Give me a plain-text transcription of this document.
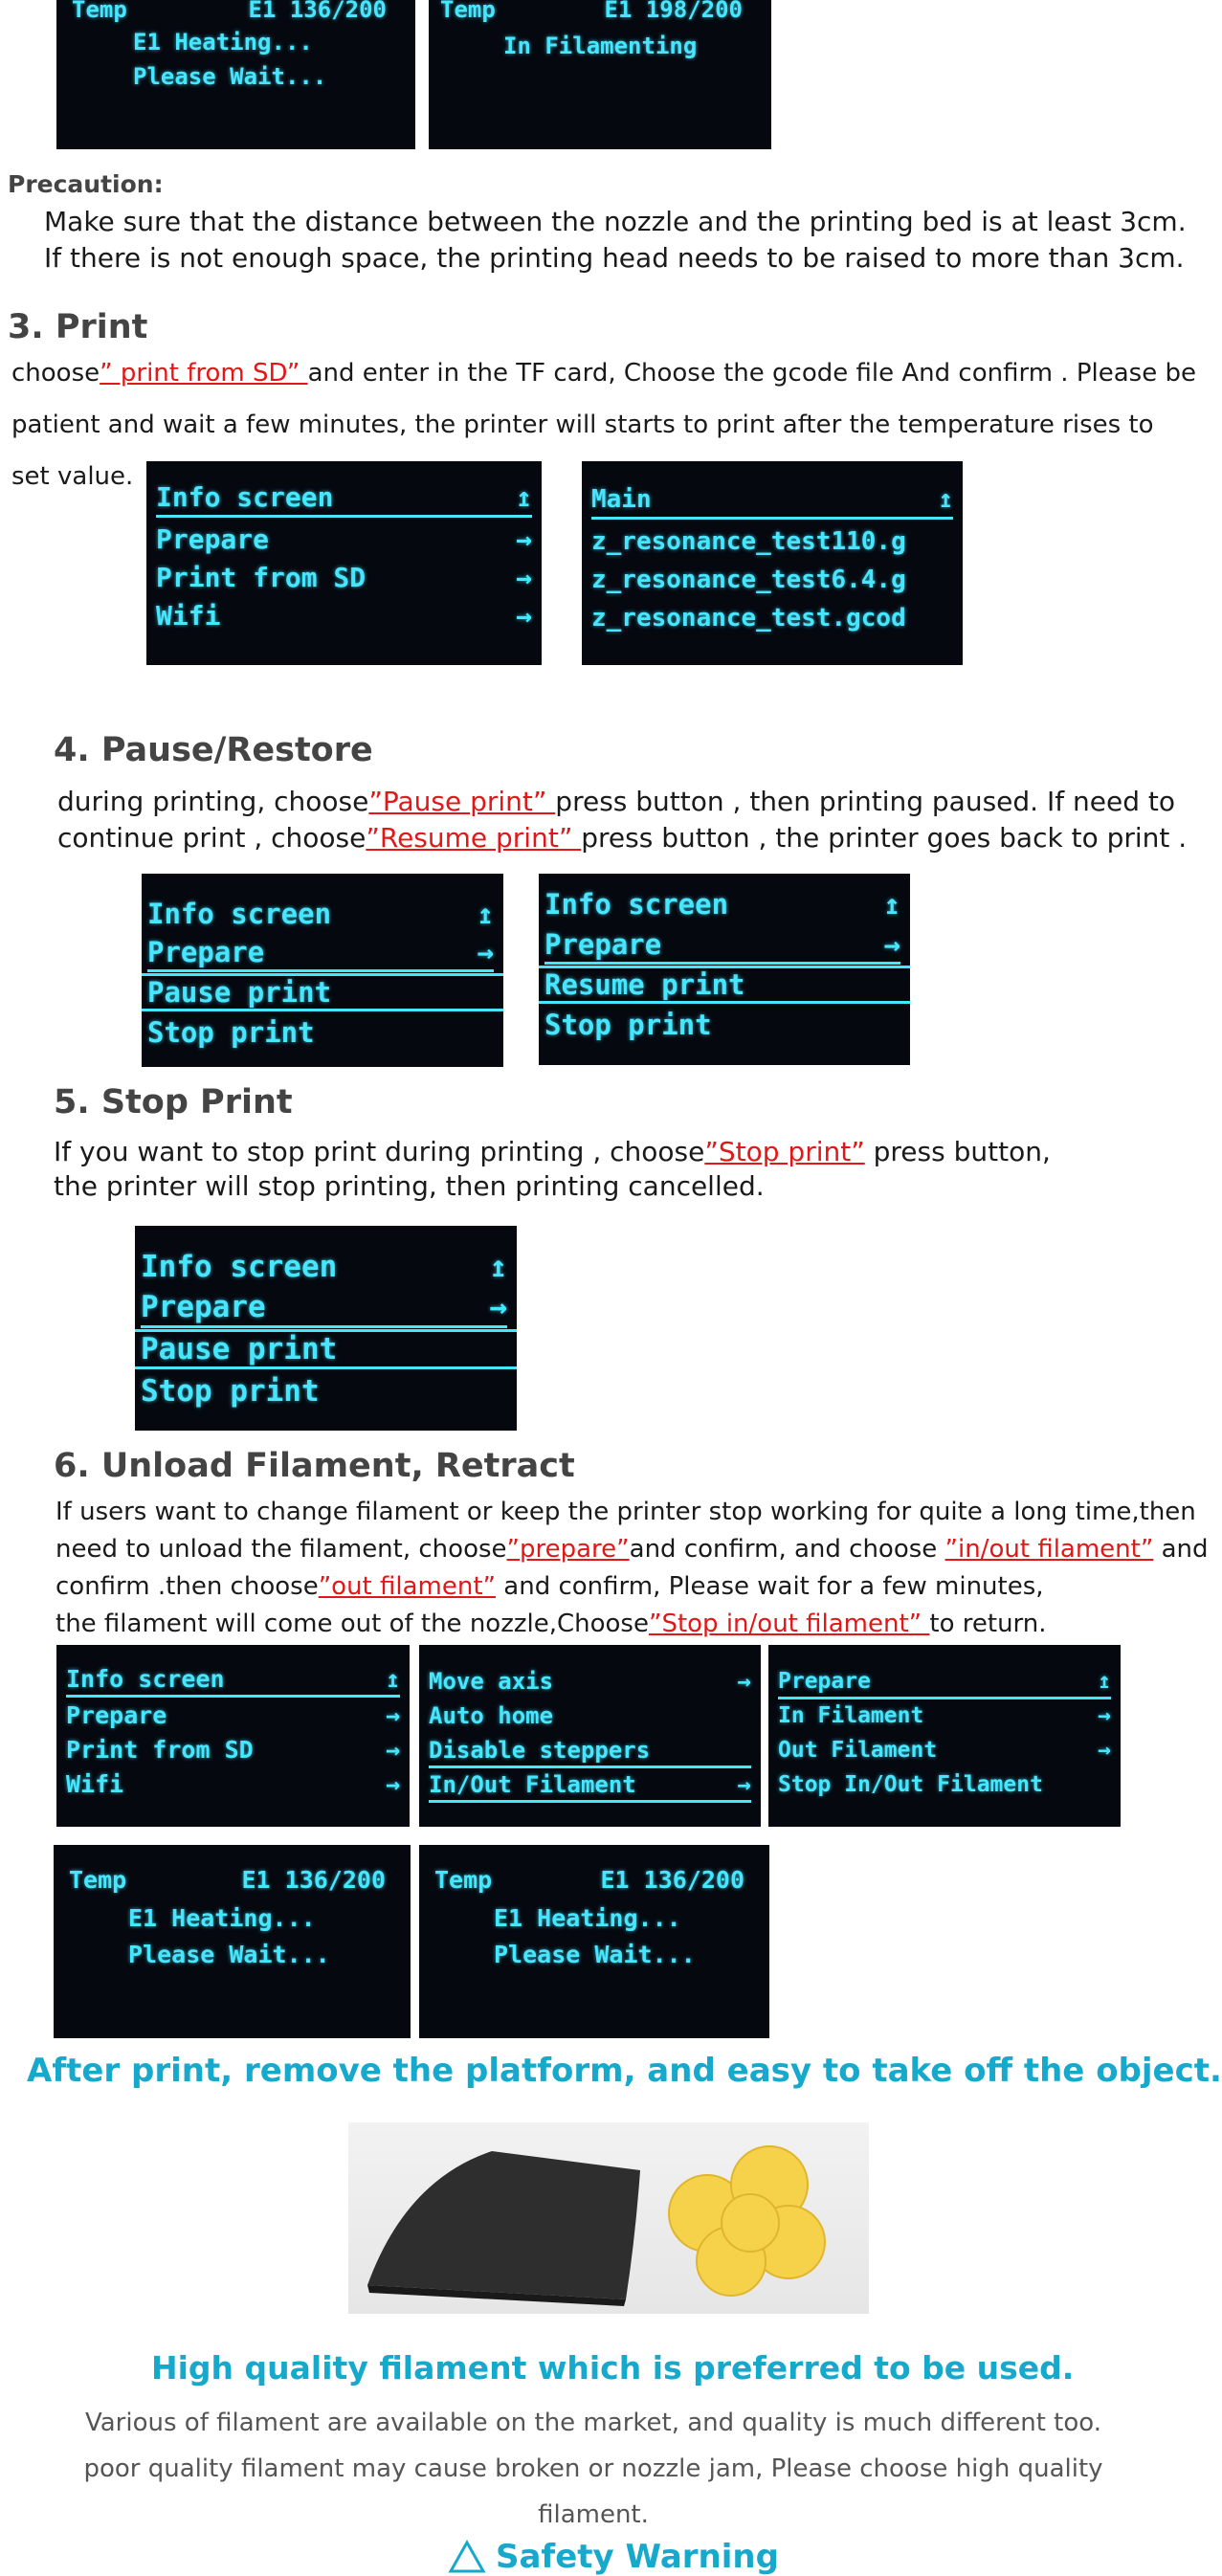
Temp	E1 136/200
E1 Heating...
Please Wait...
Temp	E1 198/200
In Filamenting
Precaution:
Make sure that the distance between the nozzle and the printing bed is at least 3cm.
If there is not enough space, the printing head needs to be raised to more than 3cm.
3. Print
choose” print from SD” and enter in the TF card, Choose the gcode file And confirm . Please be
patient and wait a few minutes, the printer will starts to print after the temperature rises to
set value.
Info screen	↥
Prepare	→
Print from SD	→
Wifi	→
Main	↥
z_resonance_test110.g
z_resonance_test6.4.g
z_resonance_test.gcod
4. Pause/Restore
during printing, choose”Pause print” press button , then printing paused. If need to
continue print , choose”Resume print” press button , the printer goes back to print .
Info screen	↥
Prepare	→
Pause print
Stop print
Info screen	↥
Prepare	→
Resume print
Stop print
5. Stop Print
If you want to stop print during printing , choose”Stop print” press button,
the printer will stop printing, then printing cancelled.
Info screen	↥
Prepare	→
Pause print
Stop print
6. Unload Filament, Retract
If users want to change filament or keep the printer stop working for quite a long time,then
need to unload the filament, choose”prepare”and confirm, and choose ”in/out filament” and
confirm .then choose”out filament” and confirm, Please wait for a few minutes,
the filament will come out of the nozzle,Choose”Stop in/out filament” to return.
Info screen	↥
Prepare	→
Print from SD	→
Wifi	→
Move axis	→
Auto home
Disable steppers
In/Out Filament	→
Prepare	↥
In Filament	→
Out Filament	→
Stop In/Out Filament
Temp	E1 136/200
E1 Heating...
Please Wait...
Temp	E1 136/200
E1 Heating...
Please Wait...
After print, remove the platform, and easy to take off the object.
High quality filament which is preferred to be used.
Various of filament are available on the market, and quality is much different too.
poor quality filament may cause broken or nozzle jam, Please choose high quality
filament.
Safety Warning
